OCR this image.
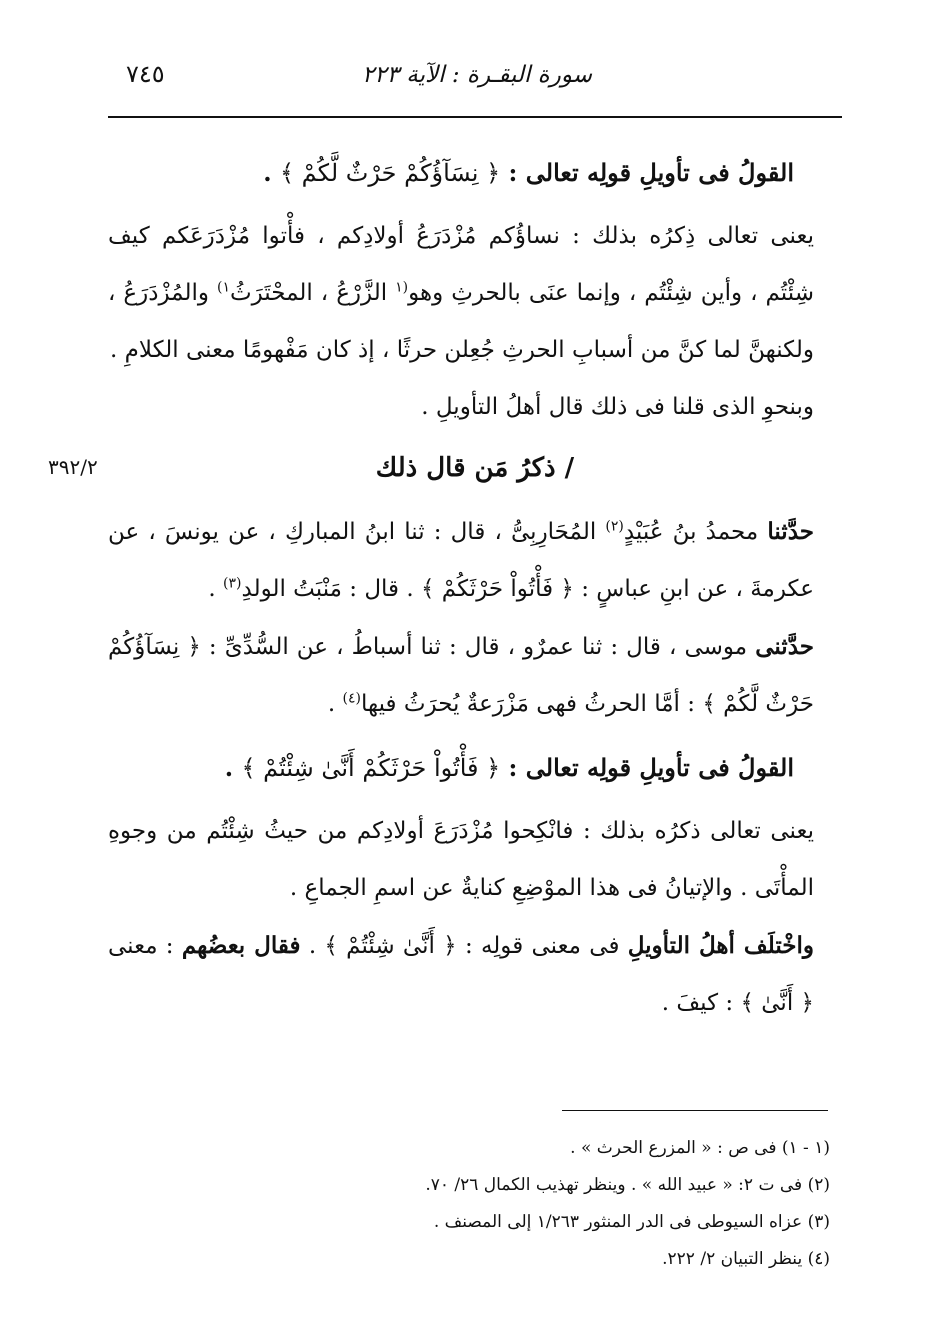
سورة البقـرة : الآية ٢٢٣
٧٤٥
٣٩٢/٢

القولُ فى تأويلِ قولِه تعالى : ﴿ نِسَآؤُكُمْ حَرْثٌ لَّكُمْ ﴾ .

يعنى تعالى ذِكرُه بذلك : نساؤُكم مُزْدَرَعُ أولادِكم ، فأْتوا مُزْدَرَعَكم كيف شِئْتُم ، وأين شِئْتُم ، وإنما عنَى بالحرثِ وهو$^{(١}$ الزَّرْعُ ، المحْتَرَثُ$^{١)}$ والمُزْدَرَعُ ، ولكنهنَّ لما كنَّ من أسبابِ الحرثِ جُعِلن حرثًا ، إذ كان مَفْهومًا معنى الكلامِ .

وبنحوِ الذى قلنا فى ذلك قال أهلُ التأويلِ .

/ ذكرُ مَن قال ذلك

حدَّثنا محمدُ بنُ عُبَيْدٍ$^{(٢)}$ المُحَارِبِىُّ ، قال : ثنا ابنُ المباركِ ، عن يونسَ ، عن عكرمةَ ، عن ابنِ عباسٍ : ﴿ فَأْتُواْ حَرْثَكُمْ ﴾ . قال : مَنْبَتُ الولدِ$^{(٣)}$ .

حدَّثنى موسى ، قال : ثنا عمرٌو ، قال : ثنا أسباطُ ، عن السُّدِّىِّ : ﴿ نِسَآؤُكُمْ حَرْثٌ لَّكُمْ ﴾ : أمَّا الحرثُ فهى مَزْرَعةٌ يُحرَثُ فيها$^{(٤)}$ .

القولُ فى تأويلِ قولِه تعالى : ﴿ فَأْتُواْ حَرْثَكُمْ أَنَّىٰ شِئْتُمْ ﴾ .

يعنى تعالى ذكرُه بذلك : فانْكِحوا مُزْدَرَعَ أولادِكم من حيثُ شِئْتُم من وجوهِ المأْتَى . والإتيانُ فى هذا الموْضِعِ كنايةٌ عن اسمِ الجماعِ .

واخْتلَف أهلُ التأويلِ فى معنى قولِه : ﴿ أَنَّىٰ شِئْتُمْ ﴾ . فقال بعضُهم : معنى ﴿ أَنَّىٰ ﴾ : كيفَ .

(١ - ١) فى ص : « المزرع الحرث » .

(٢) فى ت ٢: « عبيد الله » . وينظر تهذيب الكمال ٢٦/ ٧٠.

(٣) عزاه السيوطى فى الدر المنثور ١/٢٦٣ إلى المصنف .

(٤) ينظر التبيان ٢/ ٢٢٢.
